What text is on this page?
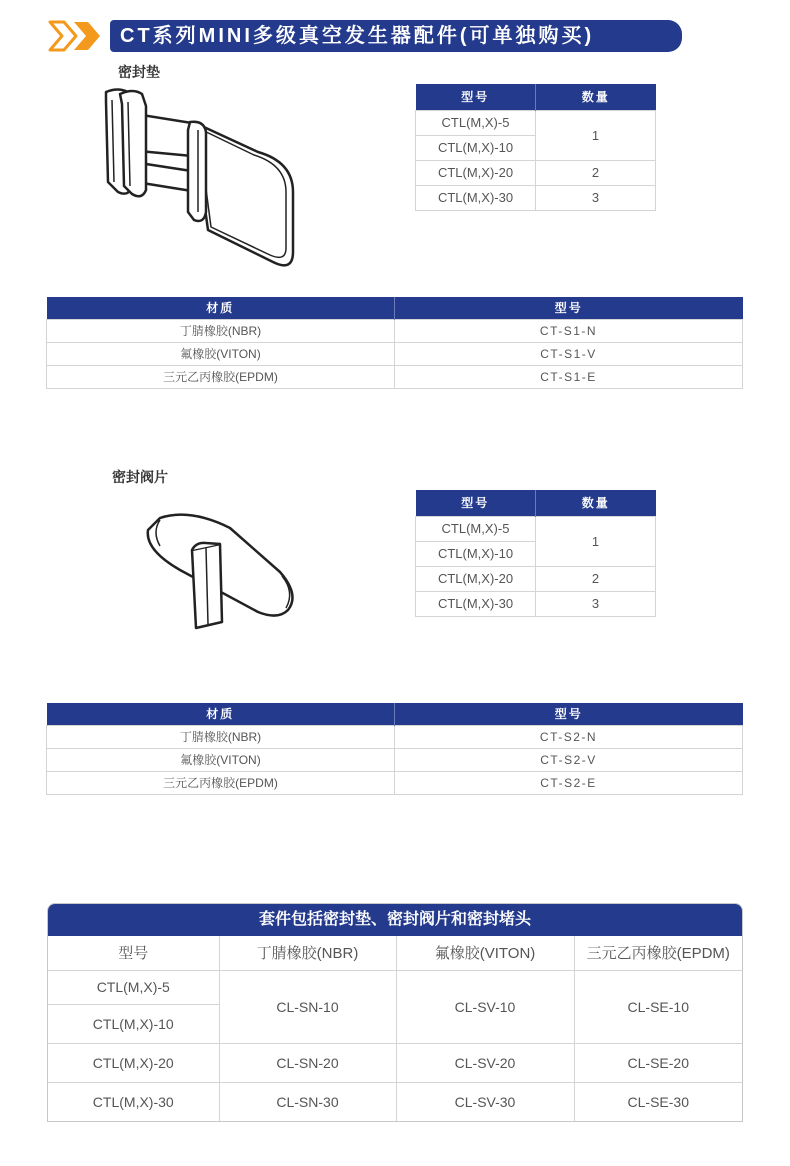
CT系列MINI多级真空发生器配件(可单独购买)
密封垫
型号	数量
CTL(M,X)-5	1
CTL(M,X)-10	
CTL(M,X)-20	2
CTL(M,X)-30	3
材质	型号
丁腈橡胶(NBR)	CT-S1-N
氟橡胶(VITON)	CT-S1-V
三元乙丙橡胶(EPDM)	CT-S1-E
密封阀片
型号	数量
CTL(M,X)-5	1
CTL(M,X)-10	
CTL(M,X)-20	2
CTL(M,X)-30	3
材质	型号
丁腈橡胶(NBR)	CT-S2-N
氟橡胶(VITON)	CT-S2-V
三元乙丙橡胶(EPDM)	CT-S2-E
套件包括密封垫、密封阀片和密封堵头
型号	丁腈橡胶(NBR)	氟橡胶(VITON)	三元乙丙橡胶(EPDM)
CTL(M,X)-5	CL-SN-10	CL-SV-10	CL-SE-10
CTL(M,X)-10			
CTL(M,X)-20	CL-SN-20	CL-SV-20	CL-SE-20
CTL(M,X)-30	CL-SN-30	CL-SV-30	CL-SE-30
